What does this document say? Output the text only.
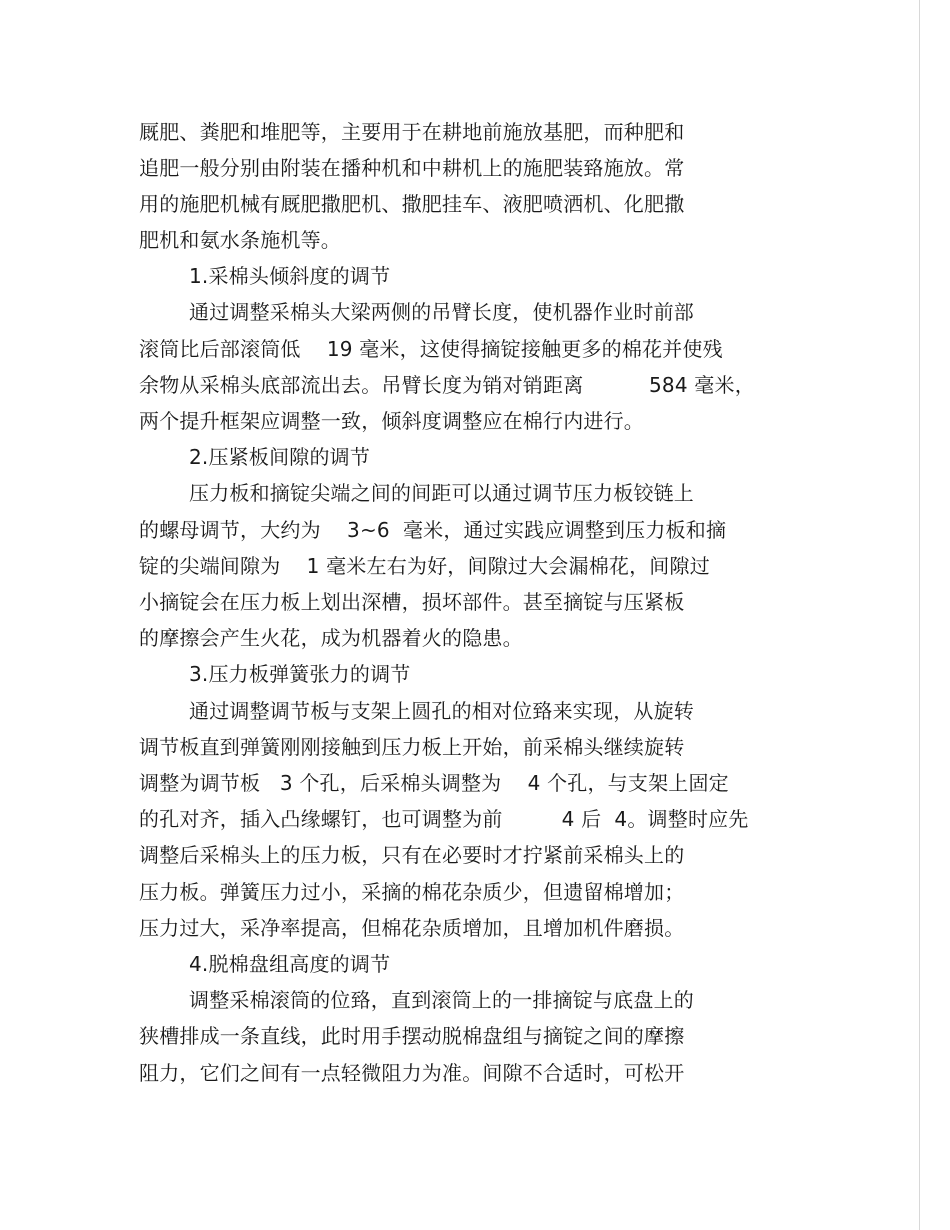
厩肥、粪肥和堆肥等，主要用于在耕地前施放基肥，而种肥和
追肥一般分别由附装在播种机和中耕机上的施肥装臵施放。常
用的施肥机械有厩肥撒肥机、撒肥挂车、液肥喷洒机、化肥撒
肥机和氨水条施机等。
1.采棉头倾斜度的调节
通过调整采棉头大梁两侧的吊臂长度，使机器作业时前部
滚筒比后部滚筒低    19 毫米，这使得摘锭接触更多的棉花并使残
余物从采棉头底部流出去。吊臂长度为销对销距离          584 毫米，
两个提升框架应调整一致，倾斜度调整应在棉行内进行。
2.压紧板间隙的调节
压力板和摘锭尖端之间的间距可以通过调节压力板铰链上
的螺母调节，大约为    3~6  毫米，通过实践应调整到压力板和摘
锭的尖端间隙为    1 毫米左右为好，间隙过大会漏棉花，间隙过
小摘锭会在压力板上划出深槽，损坏部件。甚至摘锭与压紧板
的摩擦会产生火花，成为机器着火的隐患。
3.压力板弹簧张力的调节
通过调整调节板与支架上圆孔的相对位臵来实现，从旋转
调节板直到弹簧刚刚接触到压力板上开始，前采棉头继续旋转
调整为调节板   3 个孔，后采棉头调整为    4 个孔，与支架上固定
的孔对齐，插入凸缘螺钉，也可调整为前         4 后  4。调整时应先
调整后采棉头上的压力板，只有在必要时才拧紧前采棉头上的
压力板。弹簧压力过小，采摘的棉花杂质少，但遗留棉增加；
压力过大，采净率提高，但棉花杂质增加，且增加机件磨损。
4.脱棉盘组高度的调节
调整采棉滚筒的位臵，直到滚筒上的一排摘锭与底盘上的
狭槽排成一条直线，此时用手摆动脱棉盘组与摘锭之间的摩擦
阻力，它们之间有一点轻微阻力为准。间隙不合适时，可松开
